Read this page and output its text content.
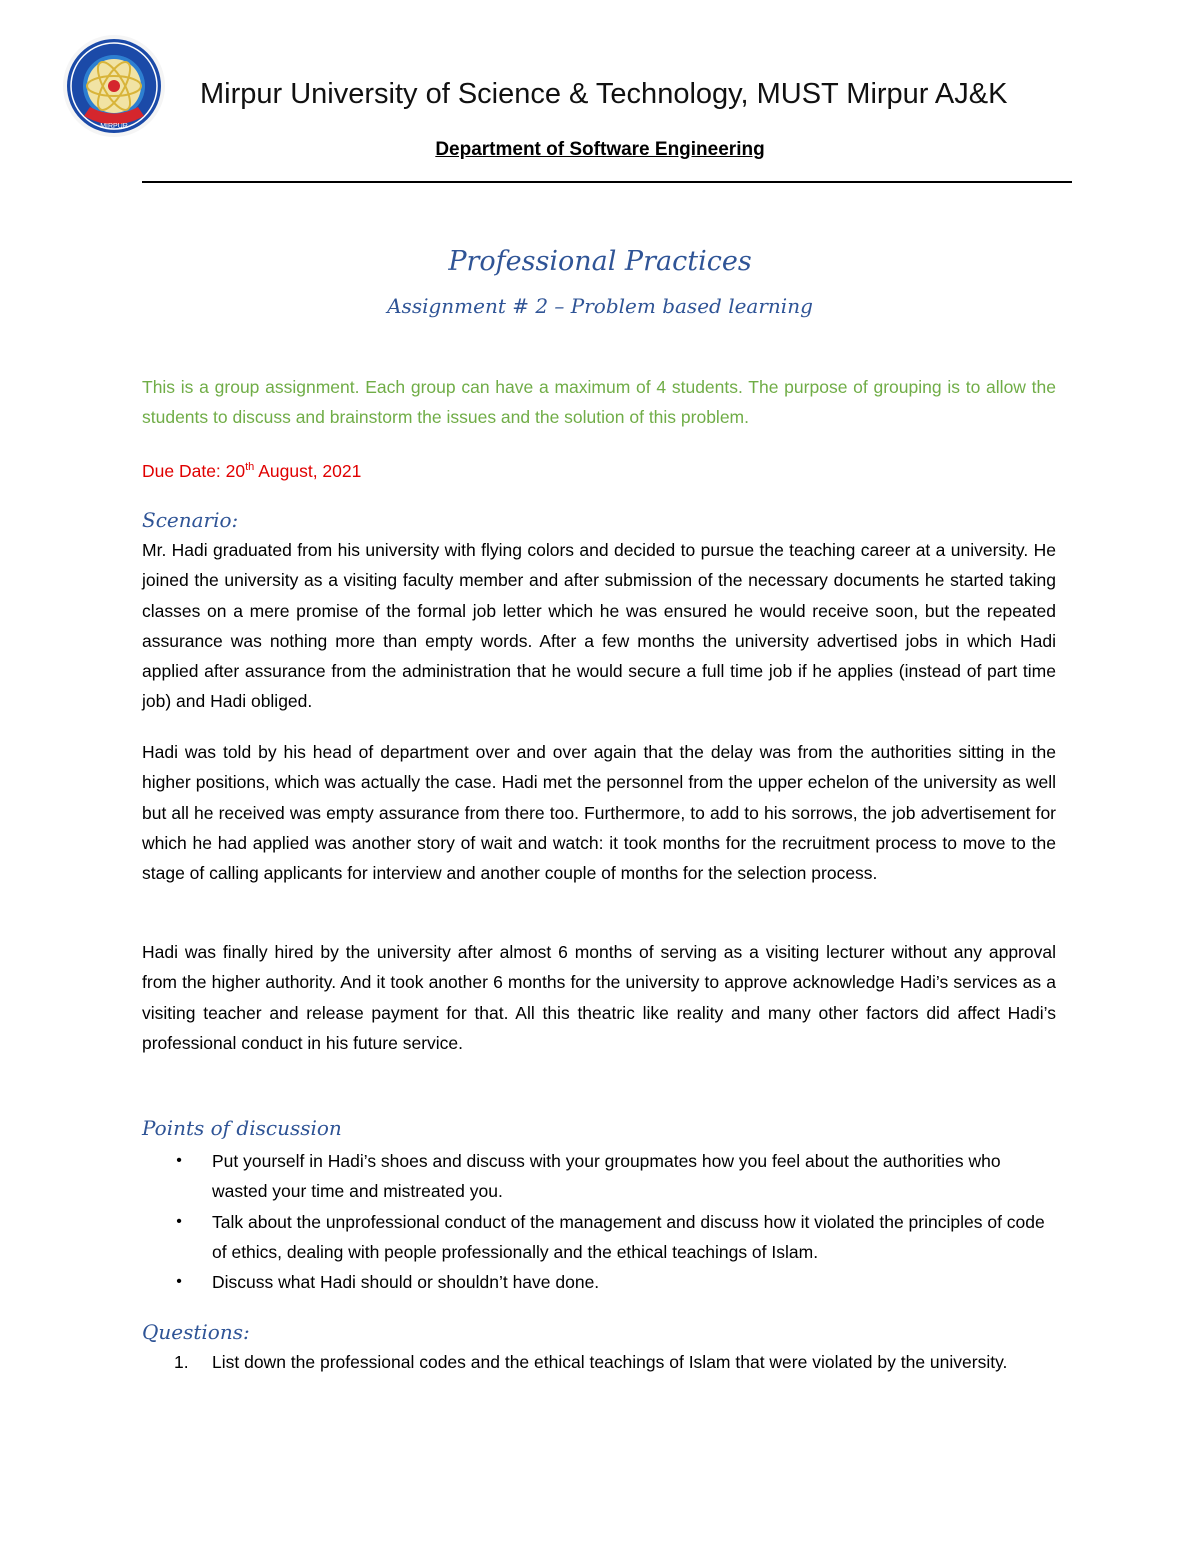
MIRPUR
Mirpur University of Science & Technology, MUST Mirpur AJ&K
Department of Software Engineering
Professional Practices
Assignment # 2 – Problem based learning

This is a group assignment. Each group can have a maximum of 4 students. The purpose of grouping is to allow the students to discuss and brainstorm the issues and the solution of this problem.

Due Date: 20th August, 2021

Scenario:

Mr. Hadi graduated from his university with flying colors and decided to pursue the teaching career at a university. He joined the university as a visiting faculty member and after submission of the necessary documents he started taking classes on a mere promise of the formal job letter which he was ensured he would receive soon, but the repeated assurance was nothing more than empty words. After a few months the university advertised jobs in which Hadi applied after assurance from the administration that he would secure a full time job if he applies (instead of part time job) and Hadi obliged.

Hadi was told by his head of department over and over again that the delay was from the authorities sitting in the higher positions, which was actually the case. Hadi met the personnel from the upper echelon of the university as well but all he received was empty assurance from there too. Furthermore, to add to his sorrows, the job advertisement for which he had applied was another story of wait and watch: it took months for the recruitment process to move to the stage of calling applicants for interview and another couple of months for the selection process.

Hadi was finally hired by the university after almost 6 months of serving as a visiting lecturer without any approval from the higher authority. And it took another 6 months for the university to approve acknowledge Hadi’s services as a visiting teacher and release payment for that. All this theatric like reality and many other factors did affect Hadi’s professional conduct in his future service.

Points of discussion
• Put yourself in Hadi’s shoes and discuss with your groupmates how you feel about the authorities who wasted your time and mistreated you.
• Talk about the unprofessional conduct of the management and discuss how it violated the principles of code of ethics, dealing with people professionally and the ethical teachings of Islam.
• Discuss what Hadi should or shouldn’t have done.
Questions:
1.	List down the professional codes and the ethical teachings of Islam that were violated by the university.
